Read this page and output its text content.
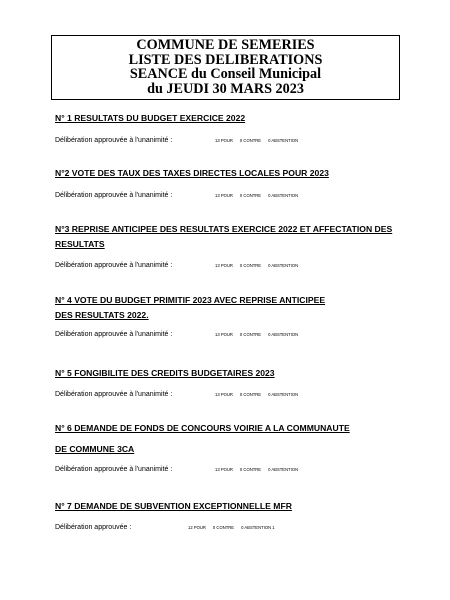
COMMUNE DE SEMERIES
LISTE DES DELIBERATIONS
SEANCE du Conseil Municipal
du JEUDI 30 MARS 2023
N° 1 RESULTATS DU BUDGET EXERCICE 2022
Délibération approuvée à l'unanimité :	13 POUR 0 CONTRE 0 ABSTENTION
N°2 VOTE DES TAUX DES TAXES DIRECTES LOCALES POUR 2023
Délibération approuvée à l'unanimité :	13 POUR 0 CONTRE 0 ABSTENTION
N°3 REPRISE ANTICIPEE DES RESULTATS EXERCICE 2022 ET AFFECTATION DES
RESULTATS
Délibération approuvée à l'unanimité :	13 POUR 0 CONTRE 0 ABSTENTION
N° 4 VOTE DU BUDGET PRIMITIF 2023 AVEC REPRISE ANTICIPEE
DES RESULTATS 2022.
Délibération approuvée à l'unanimité :	13 POUR 0 CONTRE 0 ABSTENTION
N° 5 FONGIBILITE DES CREDITS BUDGETAIRES 2023
Délibération approuvée à l'unanimité :	13 POUR 0 CONTRE 0 ABSTENTION
N° 6 DEMANDE DE FONDS DE CONCOURS VOIRIE A LA COMMUNAUTE
DE COMMUNE 3CA
Délibération approuvée à l'unanimité :	13 POUR 0 CONTRE 0 ABSTENTION
N° 7 DEMANDE DE SUBVENTION EXCEPTIONNELLE MFR
Délibération approuvée :	12 POUR 0 CONTRE 0 ABSTENTION 1
